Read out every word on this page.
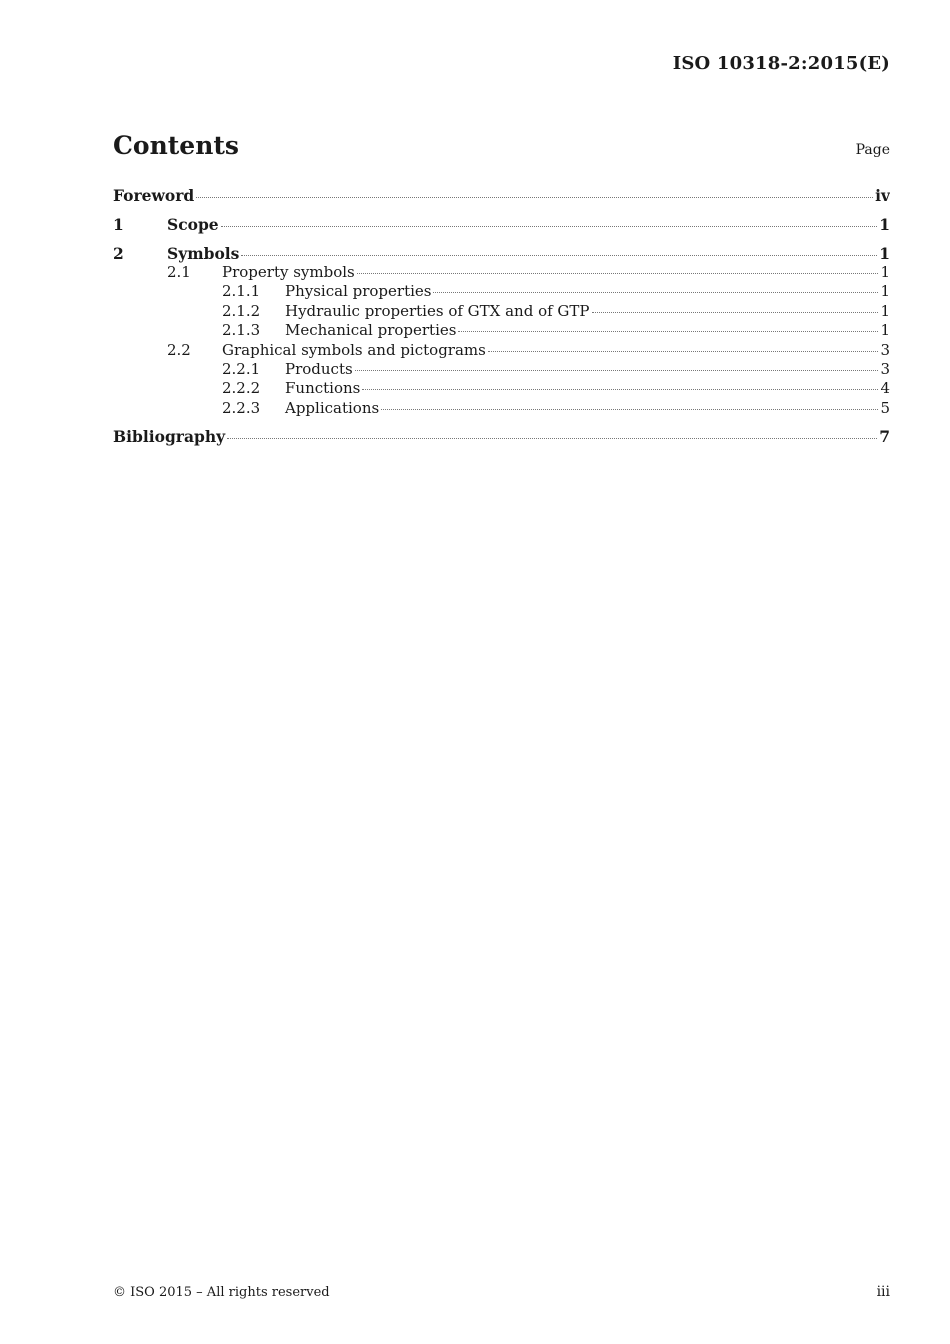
ISO 10318-2:2015(E)
Contents	Page
Foreword	iv
1	Scope	1
2	Symbols	1
2.1	Property symbols	1
2.1.1	Physical properties	1
2.1.2	Hydraulic properties of GTX and of GTP	1
2.1.3	Mechanical properties	1
2.2	Graphical symbols and pictograms	3
2.2.1	Products	3
2.2.2	Functions	4
2.2.3	Applications	5
Bibliography	7
© ISO 2015 – All rights reserved	iii
